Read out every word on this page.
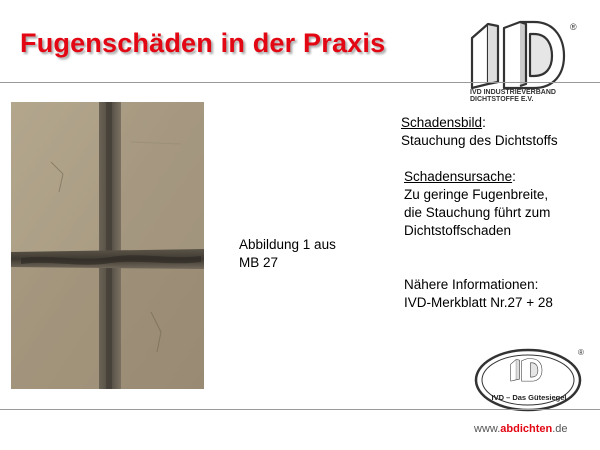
Fugenschäden in der Praxis
®
IVD INDUSTRIEVERBAND
DICHTSTOFFE E.V.
Abbildung 1 aus
MB 27
Schadensbild:
Stauchung des Dichtstoffs
Schadensursache:
Zu geringe Fugenbreite,
die Stauchung führt zum
Dichtstoffschaden
Nähere Informationen:
IVD-Merkblatt Nr.27 + 28
®
IVD – Das Gütesiegel
www.abdichten.de
